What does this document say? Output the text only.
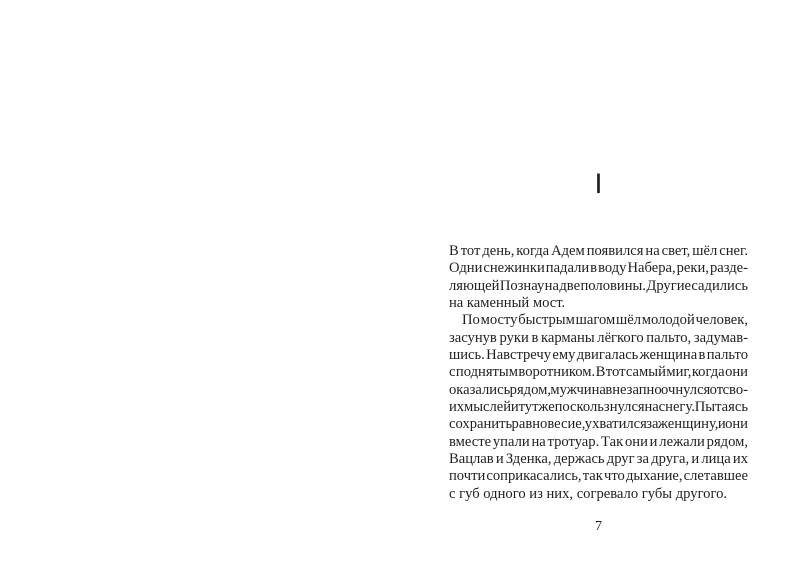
I
В тот день, когда Адем появился на свет, шёл снег.
Одни снежинки падали в воду Набера, реки, разде-
ляющей Познау на две половины. Другие садились
на каменный мост.
По мосту быстрым шагом шёл молодой человек,
засунув руки в карманы лёгкого пальто, задумав-
шись. Навстречу ему двигалась женщина в пальто
с поднятым воротником. В тот самый миг, когда они
оказались рядом, мужчина внезапно очнулся от сво-
их мыслей и тут же поскользнулся на снегу. Пытаясь
сохранить равновесие, ухватился за женщину, и они
вместе упали на тротуар. Так они и лежали рядом,
Вацлав и Зденка, держась друг за друга, и лица их
почти соприкасались, так что дыхание, слетавшее
с губ одного из них, согревало губы другого.
7
